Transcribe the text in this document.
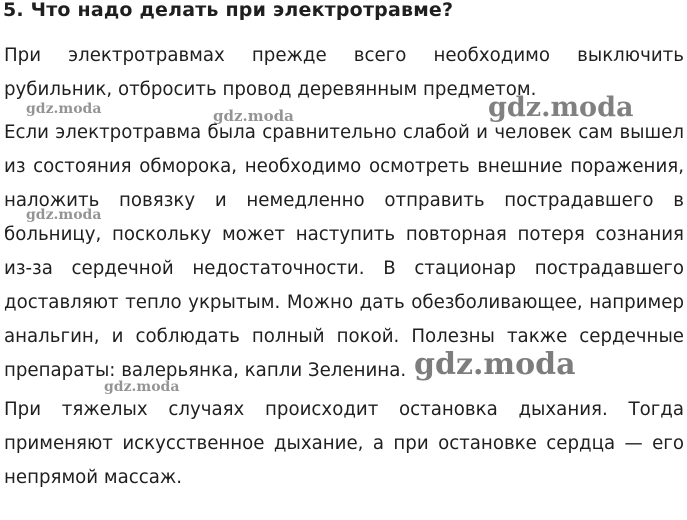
5. Что надо делать при электротравме?

При электротравмах прежде всего необходимо выключить рубильник, отбросить провод деревянным предметом.

Если электротравма была сравнительно слабой и человек сам вышел из состояния обморока, необходимо осмотреть внешние поражения, наложить повязку и немедленно отправить пострадавшего в больницу, поскольку может наступить повторная потеря сознания из-за сердечной недостаточности. В стационар пострадавшего доставляют тепло укрытым. Можно дать обезболивающее, например анальгин, и соблюдать полный покой. Полезны также сердечные препараты: валерьянка, капли Зеленина.

При тяжелых случаях происходит остановка дыхания. Тогда применяют искусственное дыхание, а при остановке сердца — его непрямой массаж.

gdz.moda	gdz.moda	gdz.moda
gdz.moda
gdz.moda
gdz.moda
